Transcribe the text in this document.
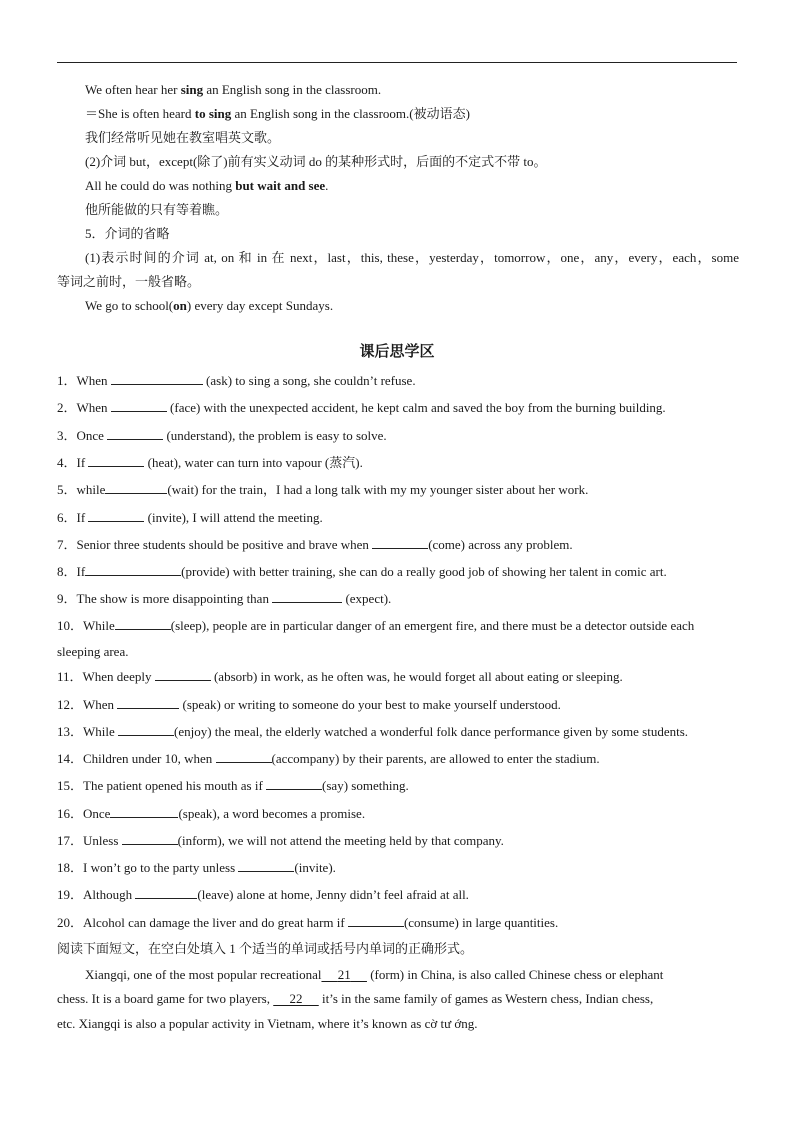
We often hear her sing an English song in the classroom.
＝She is often heard to sing an English song in the classroom.(被动语态)
我们经常听见她在教室唱英文歌。
(2)介词 but，except(除了)前有实义动词 do 的某种形式时，后面的不定式不带 to。
All he could do was nothing but wait and see.
他所能做的只有等着瞧。
5．介词的省略
(1)表示时间的介词 at, on 和 in 在 next，last，this, these，yesterday，tomorrow，one，any，every，each，some
等词之前时，一般省略。
We go to school(on) every day except Sundays.
课后思学区
1．When	(ask) to sing a song, she couldn’t refuse.
2．When	(face) with the unexpected accident, he kept calm and saved the boy from the burning building.
3．Once	(understand), the problem is easy to solve.
4．If	(heat), water can turn into vapour (蒸汽).
5．while	(wait) for the train，I had a long talk with my my younger sister about her work.
6．If	(invite), I will attend the meeting.
7．Senior three students should be positive and brave when	(come) across any problem.
8．If	(provide) with better training, she can do a really good job of showing her talent in comic art.
9．The show is more disappointing than	(expect).
10．While	(sleep), people are in particular danger of an emergent fire, and there must be a detector outside each
sleeping area.
11．When deeply	(absorb) in work, as he often was, he would forget all about eating or sleeping.
12．When	(speak) or writing to someone do your best to make yourself understood.
13．While	(enjoy) the meal, the elderly watched a wonderful folk dance performance given by some students.
14．Children under 10, when	(accompany) by their parents, are allowed to enter the stadium.
15．The patient opened his mouth as if	(say) something.
16．Once	(speak), a word becomes a promise.
17．Unless	(inform), we will not attend the meeting held by that company.
18．I won’t go to the party unless	(invite).
19．Although	(leave) alone at home, Jenny didn’t feel afraid at all.
20．Alcohol can damage the liver and do great harm if	(consume) in large quantities.
阅读下面短文，在空白处填入 1 个适当的单词或括号内单词的正确形式。
Xiangqi, one of the most popular recreational 21      (form) in China, is also called Chinese chess or elephant
chess. It is a board game for two players,      22      it’s in the same family of games as Western chess, Indian chess,
etc. Xiangqi is also a popular activity in Vietnam, where it’s known as cờ tư ớng.
